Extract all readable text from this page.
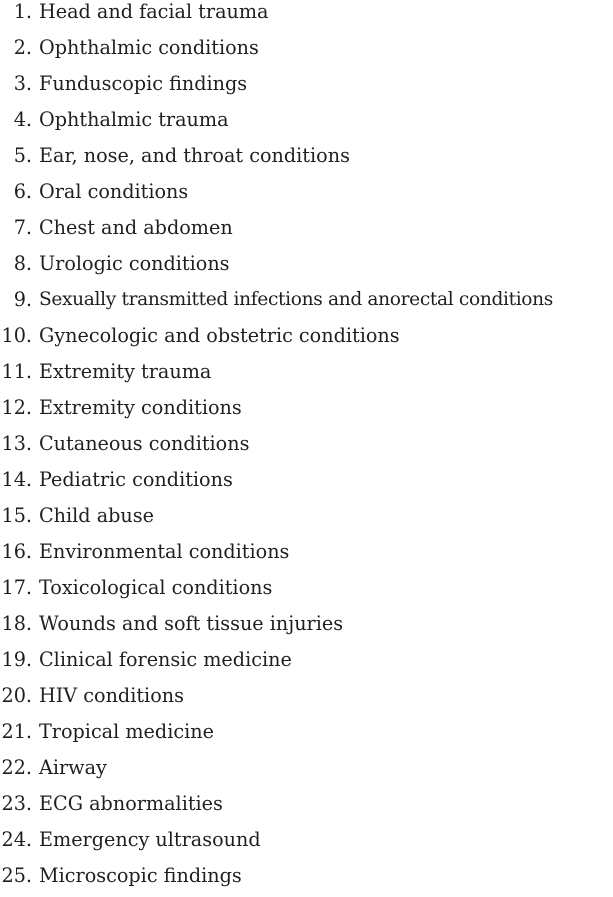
1. Head and facial trauma
2. Ophthalmic conditions
3. Funduscopic findings
4. Ophthalmic trauma
5. Ear, nose, and throat conditions
6. Oral conditions
7. Chest and abdomen
8. Urologic conditions
9. Sexually transmitted infections and anorectal conditions
10. Gynecologic and obstetric conditions
11. Extremity trauma
12. Extremity conditions
13. Cutaneous conditions
14. Pediatric conditions
15. Child abuse
16. Environmental conditions
17. Toxicological conditions
18. Wounds and soft tissue injuries
19. Clinical forensic medicine
20. HIV conditions
21. Tropical medicine
22. Airway
23. ECG abnormalities
24. Emergency ultrasound
25. Microscopic findings
